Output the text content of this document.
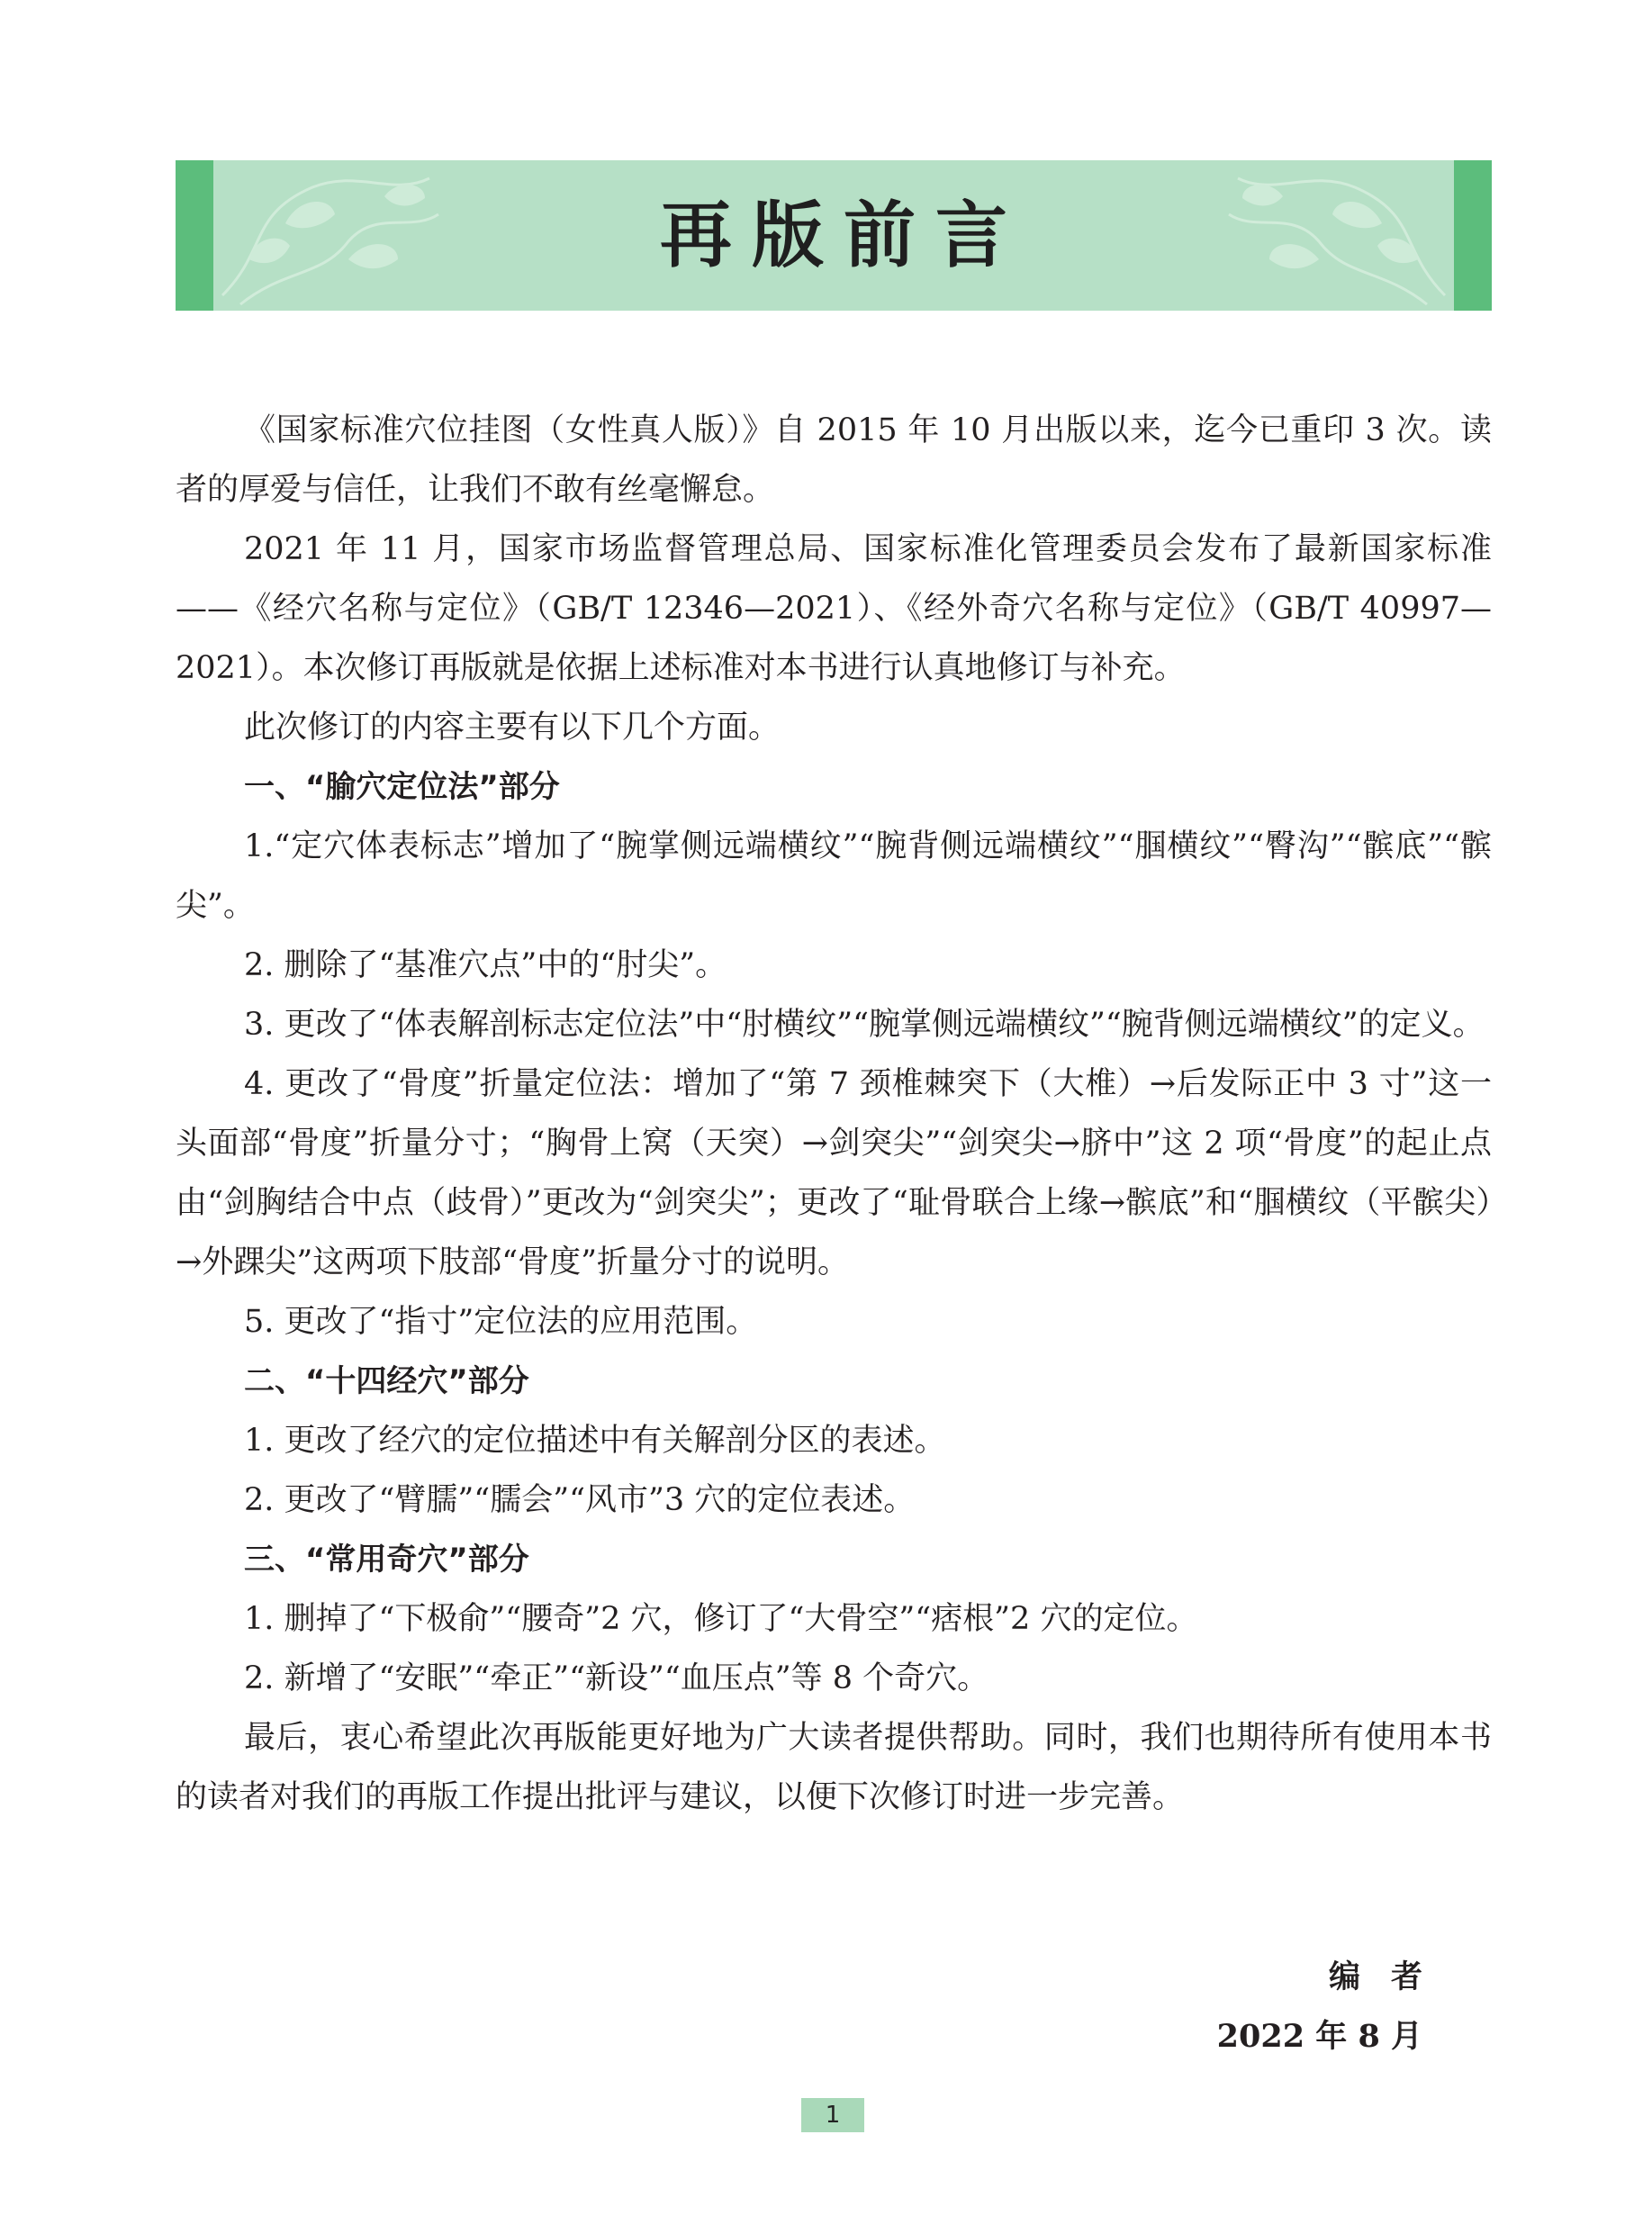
再版前言

《国家标准穴位挂图（女性真人版）》自 2015 年 10 月出版以来，迄今已重印 3 次。读者的厚爱与信任，让我们不敢有丝毫懈怠。

2021 年 11 月，国家市场监督管理总局、国家标准化管理委员会发布了最新国家标准——《经穴名称与定位》（GB/T 12346—2021）、《经外奇穴名称与定位》（GB/T 40997—2021）。本次修订再版就是依据上述标准对本书进行认真地修订与补充。

此次修订的内容主要有以下几个方面。

一、“腧穴定位法”部分

1.“定穴体表标志”增加了“腕掌侧远端横纹”“腕背侧远端横纹”“腘横纹”“臀沟”“髌底”“髌尖”。

2. 删除了“基准穴点”中的“肘尖”。

3. 更改了“体表解剖标志定位法”中“肘横纹”“腕掌侧远端横纹”“腕背侧远端横纹”的定义。

4. 更改了“骨度”折量定位法：增加了“第 7 颈椎棘突下（大椎）→后发际正中 3 寸”这一头面部“骨度”折量分寸；“胸骨上窝（天突）→剑突尖”“剑突尖→脐中”这 2 项“骨度”的起止点由“剑胸结合中点（歧骨）”更改为“剑突尖”；更改了“耻骨联合上缘→髌底”和“腘横纹（平髌尖）→外踝尖”这两项下肢部“骨度”折量分寸的说明。

5. 更改了“指寸”定位法的应用范围。

二、“十四经穴”部分

1. 更改了经穴的定位描述中有关解剖分区的表述。

2. 更改了“臂臑”“臑会”“风市”3 穴的定位表述。

三、“常用奇穴”部分

1. 删掉了“下极俞”“腰奇”2 穴，修订了“大骨空”“痞根”2 穴的定位。

2. 新增了“安眠”“牵正”“新设”“血压点”等 8 个奇穴。

最后，衷心希望此次再版能更好地为广大读者提供帮助。同时，我们也期待所有使用本书的读者对我们的再版工作提出批评与建议，以便下次修订时进一步完善。

编者
2022 年 8 月
1
